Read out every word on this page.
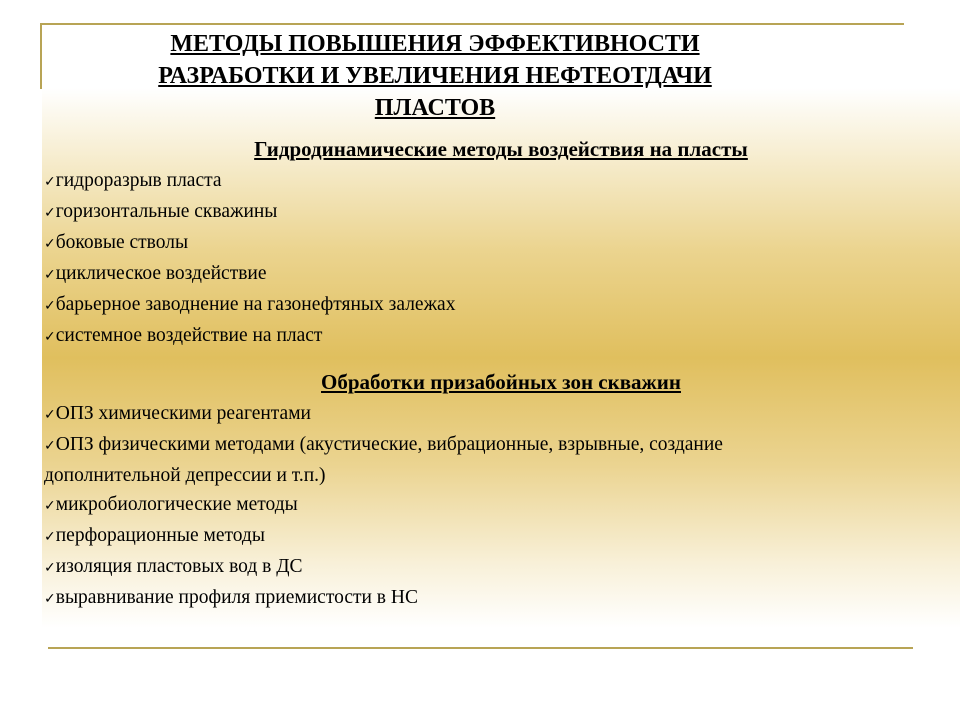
МЕТОДЫ ПОВЫШЕНИЯ ЭФФЕКТИВНОСТИ
РАЗРАБОТКИ И УВЕЛИЧЕНИЯ НЕФТЕОТДАЧИ
ПЛАСТОВ
Гидродинамические методы воздействия на пласты
✓гидроразрыв пласта
✓горизонтальные скважины
✓боковые стволы
✓циклическое воздействие
✓барьерное заводнение на газонефтяных залежах
✓системное воздействие на пласт
Обработки призабойных зон скважин
✓ОПЗ химическими реагентами
✓ОПЗ физическими методами (акустические, вибрационные, взрывные, создание
дополнительной депрессии и т.п.)
✓микробиологические методы
✓перфорационные методы
✓изоляция пластовых вод в ДС
✓выравнивание профиля приемистости в НС
